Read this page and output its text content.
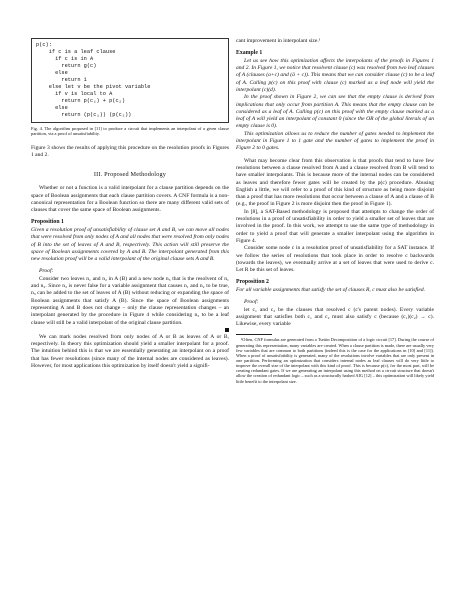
p(c):
if c is a leaf clause
if c is in A
return g(c)
else
return 1
else let v be the pivot variable
if v is local to A
return p(c₁) + p(c₂)
else
return (p(c₁)) (p(c₂))

Fig. 4. The algorithm proposed in [11] to produce a circuit that implements an interpolant of a given clause partition, via a proof of unsatisfiability.

Figure 3 shows the results of applying this procedure on the resolution proofs in Figures 1 and 2.

III. Proposed Methodology

Whether or not a function is a valid interpolant for a clause partition depends on the space of Boolean assignments that each clause partition covers. A CNF formula is a non-canonical representation for a Boolean function so there are many different valid sets of clauses that cover the same space of Boolean assignments.

Proposition 1

Given a resolution proof of unsatisfiability of clause set A and B, we can move all nodes that were resolved from only nodes of A and all nodes that were resolved from only nodes of B into the set of leaves of A and B, respectively. This action will still preserve the space of Boolean assignments covered by A and B. The interpolant generated from this new resolution proof will be a valid interpolant of the original clause sets A and B.

Proof:

Consider two leaves n₁ and n₂ in A (B) and a new node n₃ that is the resolvent of n₁ and n₂. Since n₃ is never false for a variable assignment that causes n₁ and n₂ to be true, n₃ can be added to the set of leaves of A (B) without reducing or expanding the space of Boolean assignments that satisfy A (B). Since the space of Boolean assignments representing A and B does not change – only the clause representation changes – an interpolant generated by the procedure in Figure 4 while considering n₃ to be a leaf clause will still be a valid interpolant of the original clause partition.

We can mark nodes resolved from only nodes of A or B as leaves of A or B, respectively. In theory this optimization should yield a smaller interpolant for a proof. The intuition behind this is that we are essentially generating an interpolant on a proof that has fewer resolutions (since many of the internal nodes are considered as leaves). However, for most applications this optimization by itself doesn't yield a signifi-

cant improvement in interpolant size.¹

Example 1

Let us see how this optimization affects the interpolants of the proofs in Figures 1 and 2. In Figure 1, we notice that resolvent clause (c) was resolved from two leaf clauses of A (clauses (a+c) and (ā + c)). This means that we can consider clause (c) to be a leaf of A. Calling p(c) on this proof with clause (c) marked as a leaf node will yield the interpolant (c)(d).

In the proof shown in Figure 2, we can see that the empty clause is derived from implications that only occur from partition A. This means that the empty clause can be considered as a leaf of A. Calling p(c) on this proof with the empty clause marked as a leaf of A will yield an interpolant of constant 0 (since the OR of the global literals of an empty clause is 0).

This optimization allows us to reduce the number of gates needed to implement the interpolant in Figure 1 to 1 gate and the number of gates to implement the proof in Figure 2 to 0 gates.

What may become clear from this observation is that proofs that tend to have few resolutions between a clause resolved from A and a clause resolved from B will tend to have smaller interpolants. This is because more of the internal nodes can be considered as leaves and therefore fewer gates will be created by the p(c) procedure. Abusing English a little, we will refer to a proof of this kind of structure as being more disjoint than a proof that has more resolutions that occur between a clause of A and a clause of B (e.g., the proof in Figure 2 is more disjoint then the proof in Figure 1).

In [8], a SAT-Based methodology is proposed that attempts to change the order of resolutions in a proof of unsatisfiability in order to yield a smaller set of leaves that are involved in the proof. In this work, we attempt to use the same type of methodology in order to yield a proof that will generate a smaller interpolant using the algorithm in Figure 4.

Consider some node c in a resolution proof of unsatisfiability for a SAT instance. If we follow the series of resolutions that took place in order to resolve c backwards (towards the leaves), we eventually arrive at a set of leaves that were used to derive c. Let R be this set of leaves.

Proposition 2

For all variable assignments that satisfy the set of clauses R, c must also be satisfied.

Proof:

let c₁ and c₂ be the clauses that resolved c (c's parent nodes). Every variable assignment that satisfies both c₁ and c₂ must also satisfy c (because (c₁)(c₂) → c). Likewise, every variable

¹Often, CNF formulas are generated from a Tseitin Decomposition of a logic circuit [17]. During the course of generating this representation, many variables are created. When a clause partition is made, there are usually very few variables that are common to both partitions (indeed this is the case for the applications in [10] and [11]). When a proof of unsatisfiability is generated, many of the resolutions involve variables that are only present in one partition. Performing an optimization that considers internal nodes as leaf clauses will do very little to improve the overall size of the interpolant with this kind of proof. This is because p(c), for the most part, will be creating redundant gates. If we are generating an interpolant using this method on a circuit structure that doesn't allow the creation of redundant logic – such as a structurally hashed AIG [12] – this optimization will likely yield little benefit to the interpolant size.
